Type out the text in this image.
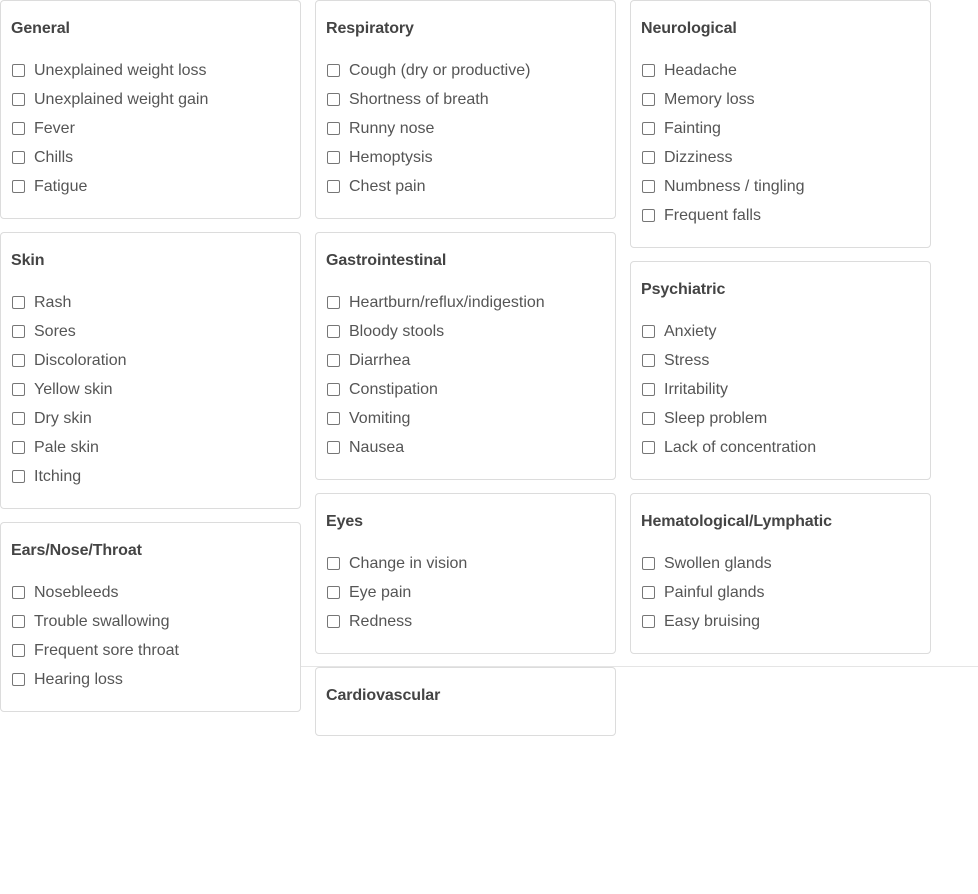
General
Unexplained weight loss
Unexplained weight gain
Fever
Chills
Fatigue
Skin
Rash
Sores
Discoloration
Yellow skin
Dry skin
Pale skin
Itching
Ears/Nose/Throat
Nosebleeds
Trouble swallowing
Frequent sore throat
Hearing loss
Respiratory
Cough (dry or productive)
Shortness of breath
Runny nose
Hemoptysis
Chest pain
Gastrointestinal
Heartburn/reflux/indigestion
Bloody stools
Diarrhea
Constipation
Vomiting
Nausea
Eyes
Change in vision
Eye pain
Redness
Cardiovascular
Neurological
Headache
Memory loss
Fainting
Dizziness
Numbness / tingling
Frequent falls
Psychiatric
Anxiety
Stress
Irritability
Sleep problem
Lack of concentration
Hematological/Lymphatic
Swollen glands
Painful glands
Easy bruising
